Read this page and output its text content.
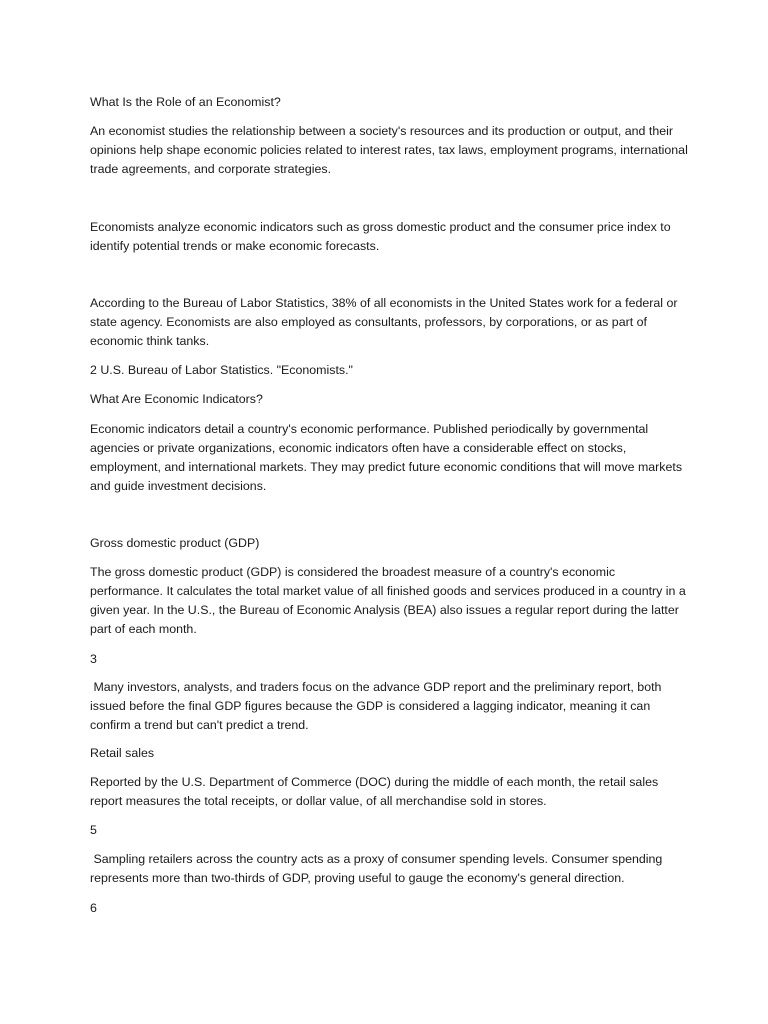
What Is the Role of an Economist?

An economist studies the relationship between a society's resources and its production or output, and their opinions help shape economic policies related to interest rates, tax laws, employment programs, international trade agreements, and corporate strategies.

Economists analyze economic indicators such as gross domestic product and the consumer price index to identify potential trends or make economic forecasts.

According to the Bureau of Labor Statistics, 38% of all economists in the United States work for a federal or state agency. Economists are also employed as consultants, professors, by corporations, or as part of economic think tanks.

2 U.S. Bureau of Labor Statistics. "Economists."

What Are Economic Indicators?

Economic indicators detail a country's economic performance. Published periodically by governmental agencies or private organizations, economic indicators often have a considerable effect on stocks, employment, and international markets. They may predict future economic conditions that will move markets and guide investment decisions.

Gross domestic product (GDP)

The gross domestic product (GDP) is considered the broadest measure of a country's economic performance. It calculates the total market value of all finished goods and services produced in a country in a given year. In the U.S., the Bureau of Economic Analysis (BEA) also issues a regular report during the latter part of each month.

3

Many investors, analysts, and traders focus on the advance GDP report and the preliminary report, both issued before the final GDP figures because the GDP is considered a lagging indicator, meaning it can confirm a trend but can't predict a trend.

Retail sales

Reported by the U.S. Department of Commerce (DOC) during the middle of each month, the retail sales report measures the total receipts, or dollar value, of all merchandise sold in stores.

5

Sampling retailers across the country acts as a proxy of consumer spending levels. Consumer spending represents more than two-thirds of GDP, proving useful to gauge the economy's general direction.

6
